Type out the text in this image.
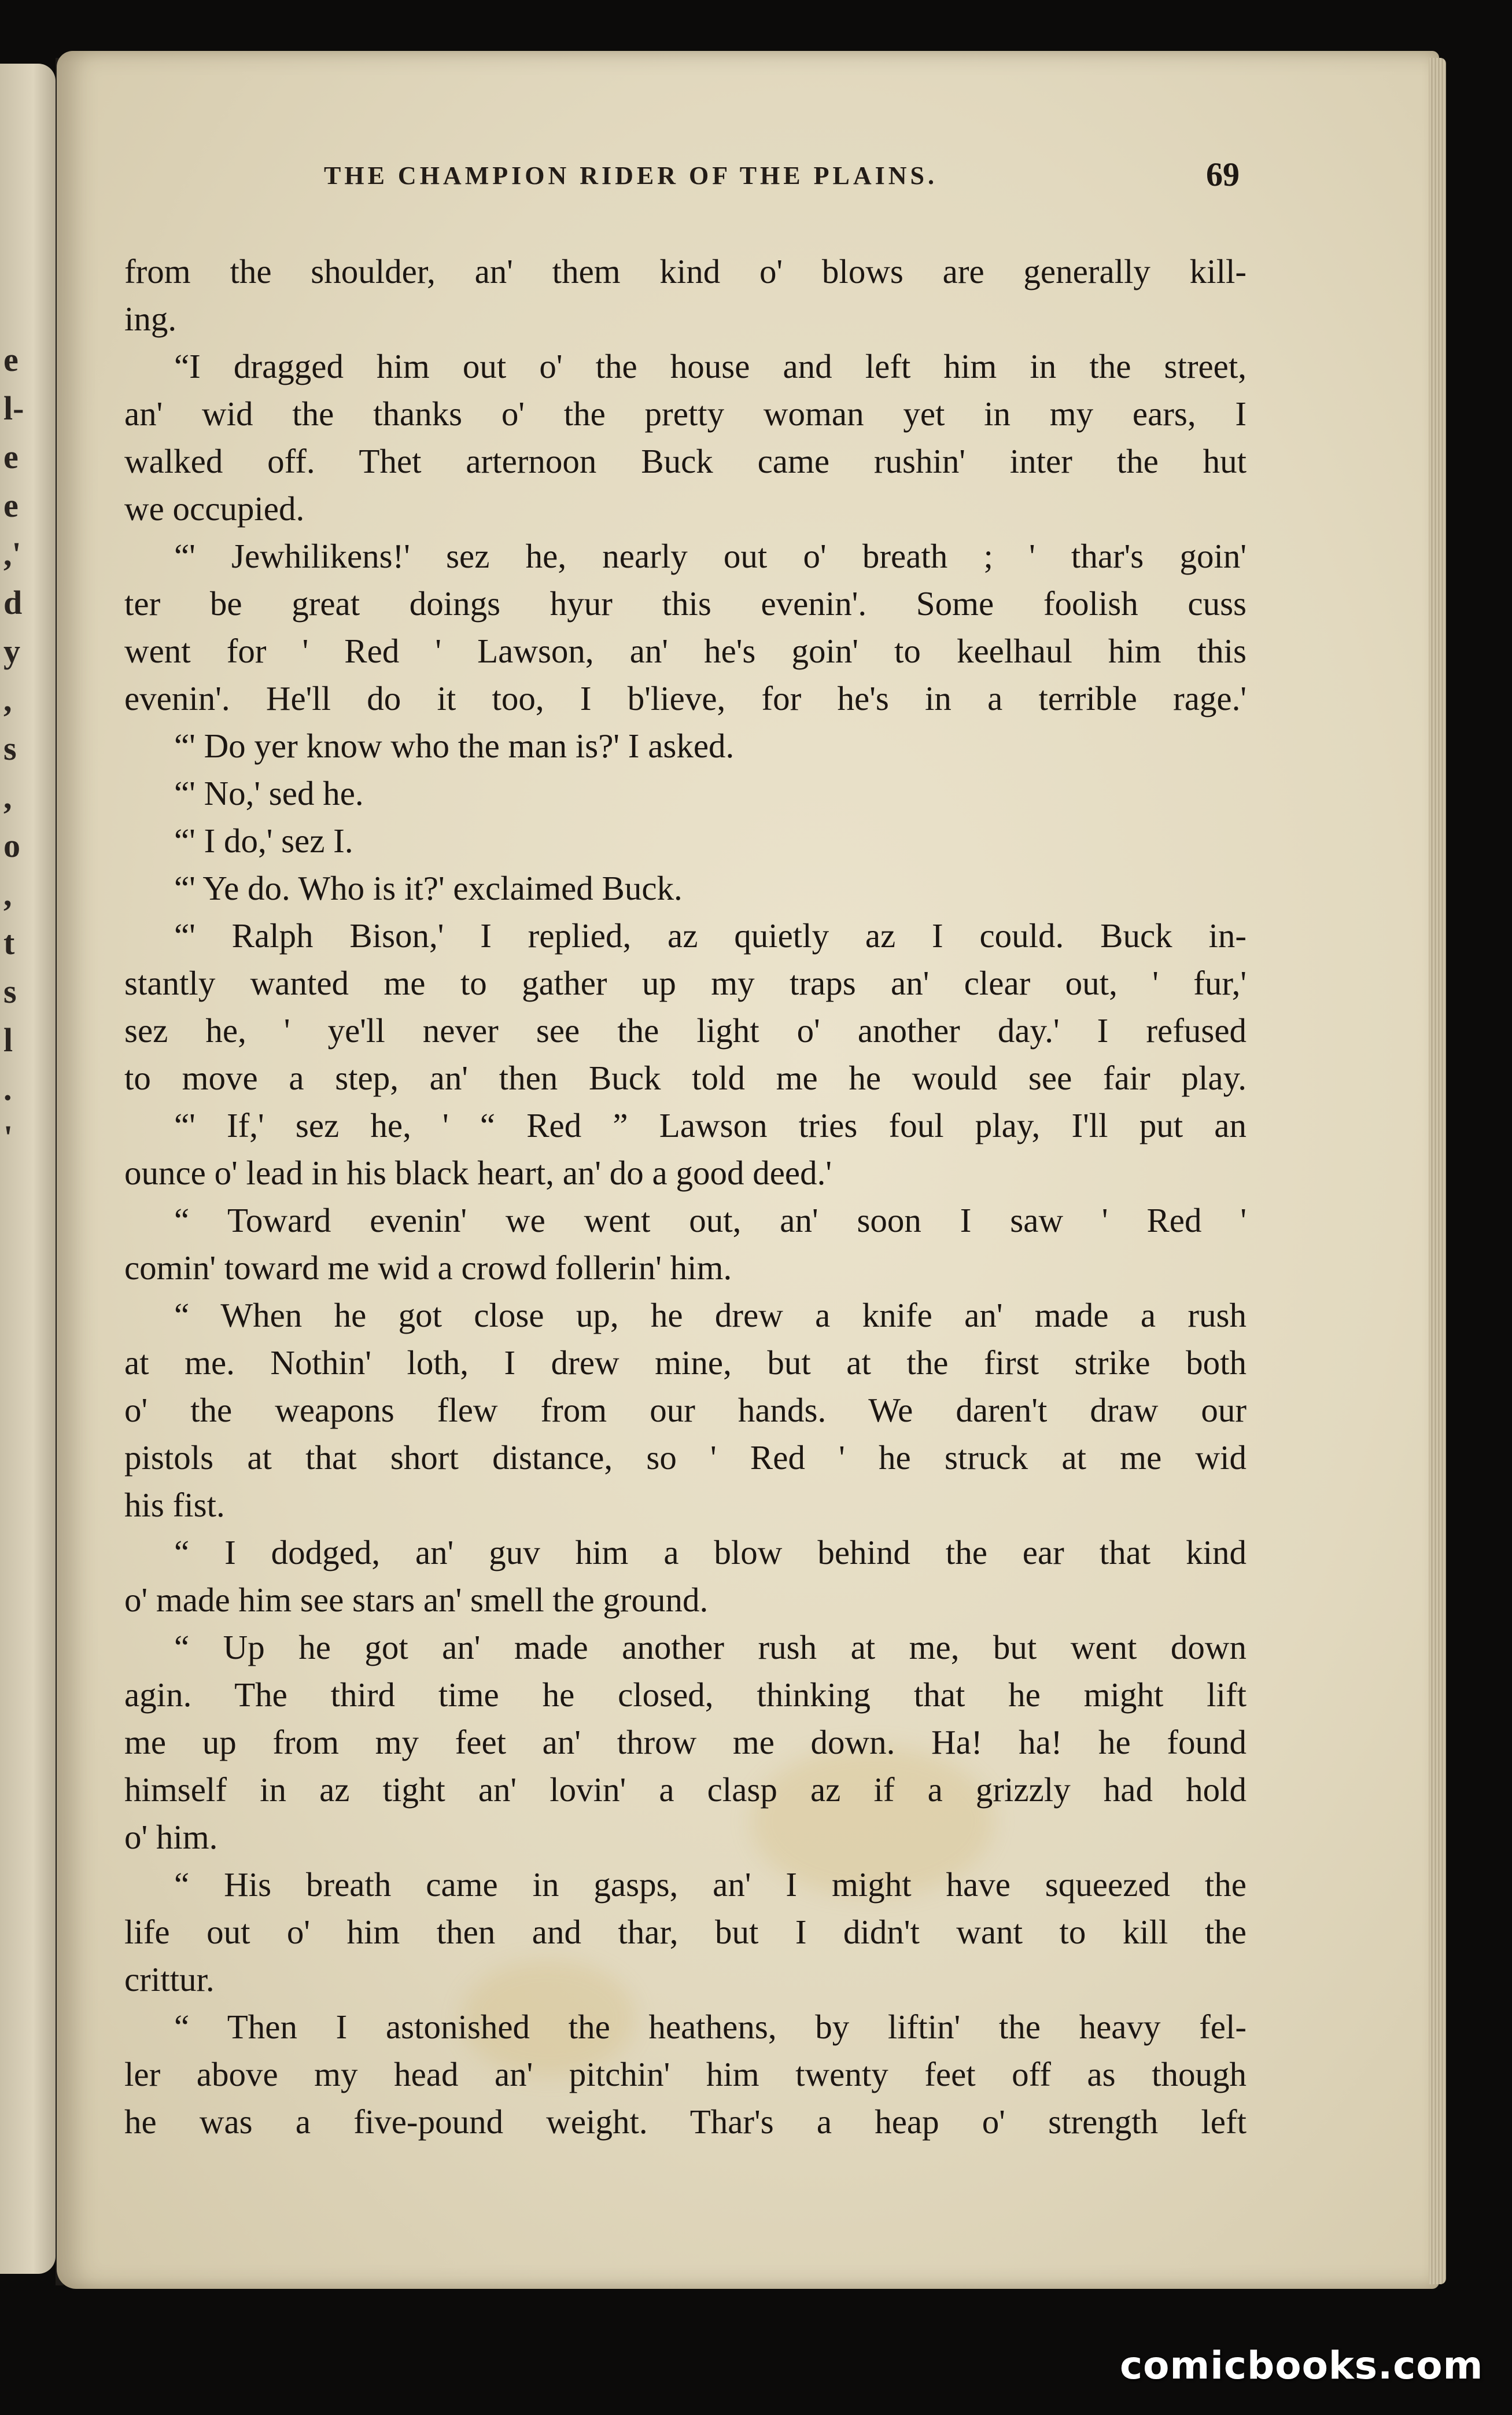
e
l-
e
e
,'
d
y
,
s
,
o
,
t
s
l
.
'
THE CHAMPION RIDER OF THE PLAINS.	69
from the shoulder, an' them kind o' blows are generally kill-
ing.
“I dragged him out o' the house and left him in the street,
an' wid the thanks o' the pretty woman yet in my ears, I
walked off. Thet arternoon Buck came rushin' inter the hut
we occupied.
“' Jewhilikens!' sez he, nearly out o' breath ; ' thar's goin'
ter be great doings hyur this evenin'. Some foolish cuss
went for ' Red ' Lawson, an' he's goin' to keelhaul him this
evenin'. He'll do it too, I b'lieve, for he's in a terrible rage.'
“' Do yer know who the man is?' I asked.
“' No,' sed he.
“' I do,' sez I.
“' Ye do. Who is it?' exclaimed Buck.
“' Ralph Bison,' I replied, az quietly az I could. Buck in-
stantly wanted me to gather up my traps an' clear out, ' fur,'
sez he, ' ye'll never see the light o' another day.' I refused
to move a step, an' then Buck told me he would see fair play.
“' If,' sez he, ' “ Red ” Lawson tries foul play, I'll put an
ounce o' lead in his black heart, an' do a good deed.'
“ Toward evenin' we went out, an' soon I saw ' Red '
comin' toward me wid a crowd follerin' him.
“ When he got close up, he drew a knife an' made a rush
at me. Nothin' loth, I drew mine, but at the first strike both
o' the weapons flew from our hands. We daren't draw our
pistols at that short distance, so ' Red ' he struck at me wid
his fist.
“ I dodged, an' guv him a blow behind the ear that kind
o' made him see stars an' smell the ground.
“ Up he got an' made another rush at me, but went down
agin. The third time he closed, thinking that he might lift
me up from my feet an' throw me down. Ha! ha! he found
himself in az tight an' lovin' a clasp az if a grizzly had hold
o' him.
“ His breath came in gasps, an' I might have squeezed the
life out o' him then and thar, but I didn't want to kill the
crittur.
“ Then I astonished the heathens, by liftin' the heavy fel-
ler above my head an' pitchin' him twenty feet off as though
he was a five-pound weight. Thar's a heap o' strength left
comicbooks.com
